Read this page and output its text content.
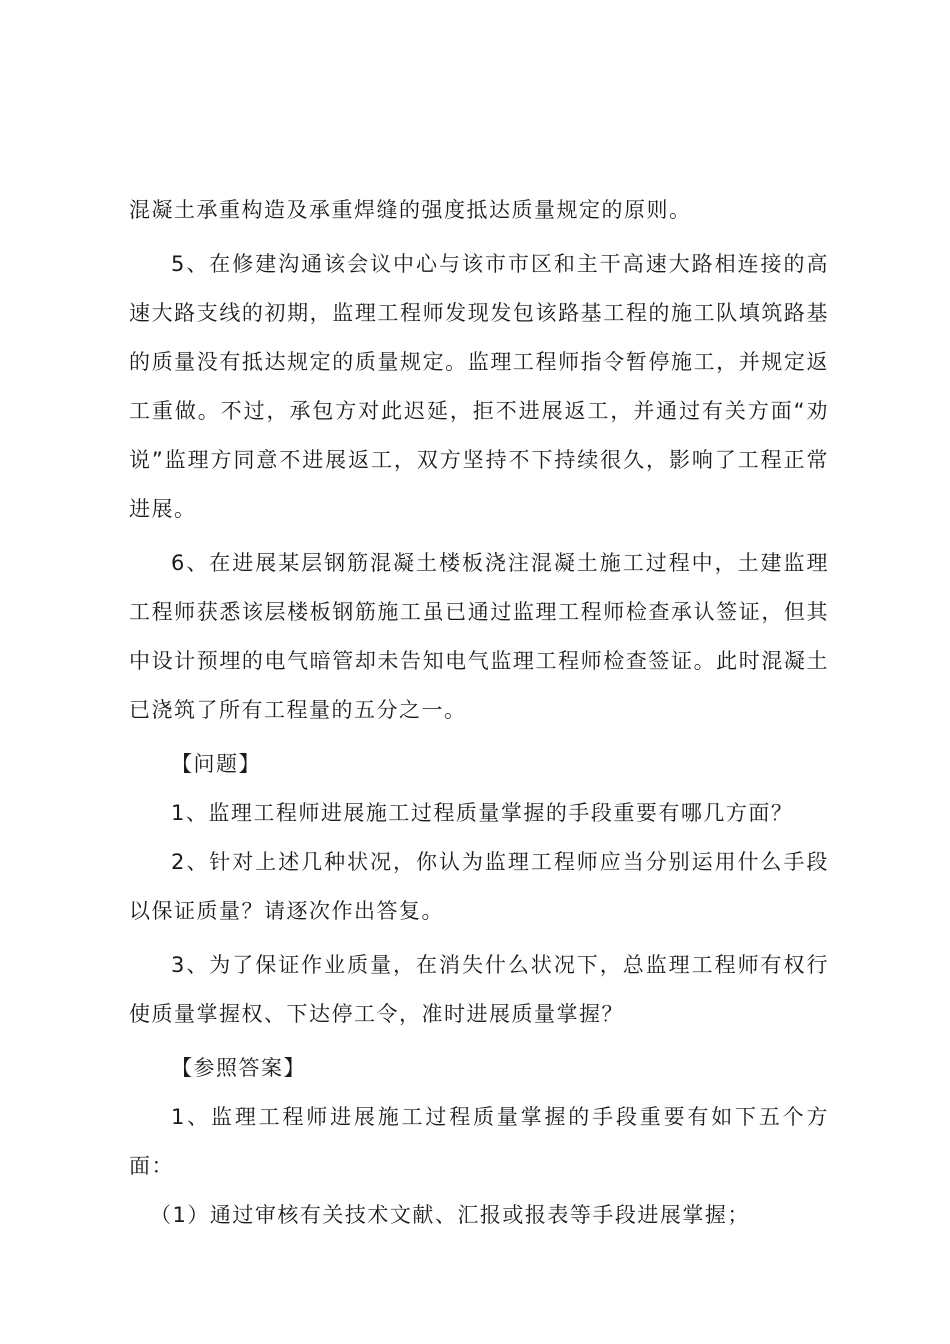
混凝土承重构造及承重焊缝的强度抵达质量规定的原则。

5、在修建沟通该会议中心与该市市区和主干高速大路相连接的高速大路支线的初期，监理工程师发现发包该路基工程的施工队填筑路基的质量没有抵达规定的质量规定。监理工程师指令暂停施工，并规定返工重做。不过，承包方对此迟延，拒不进展返工，并通过有关方面“劝说”监理方同意不进展返工，双方坚持不下持续很久，影响了工程正常进展。

6、在进展某层钢筋混凝土楼板浇注混凝土施工过程中，土建监理工程师获悉该层楼板钢筋施工虽已通过监理工程师检查承认签证，但其中设计预埋的电气暗管却未告知电气监理工程师检查签证。此时混凝土已浇筑了所有工程量的五分之一。

【问题】

1、监理工程师进展施工过程质量掌握的手段重要有哪几方面？

2、针对上述几种状况，你认为监理工程师应当分别运用什么手段以保证质量？请逐次作出答复。

3、为了保证作业质量，在消失什么状况下，总监理工程师有权行使质量掌握权、下达停工令，准时进展质量掌握？

【参照答案】

1、监理工程师进展施工过程质量掌握的手段重要有如下五个方面：

（1）通过审核有关技术文献、汇报或报表等手段进展掌握；
